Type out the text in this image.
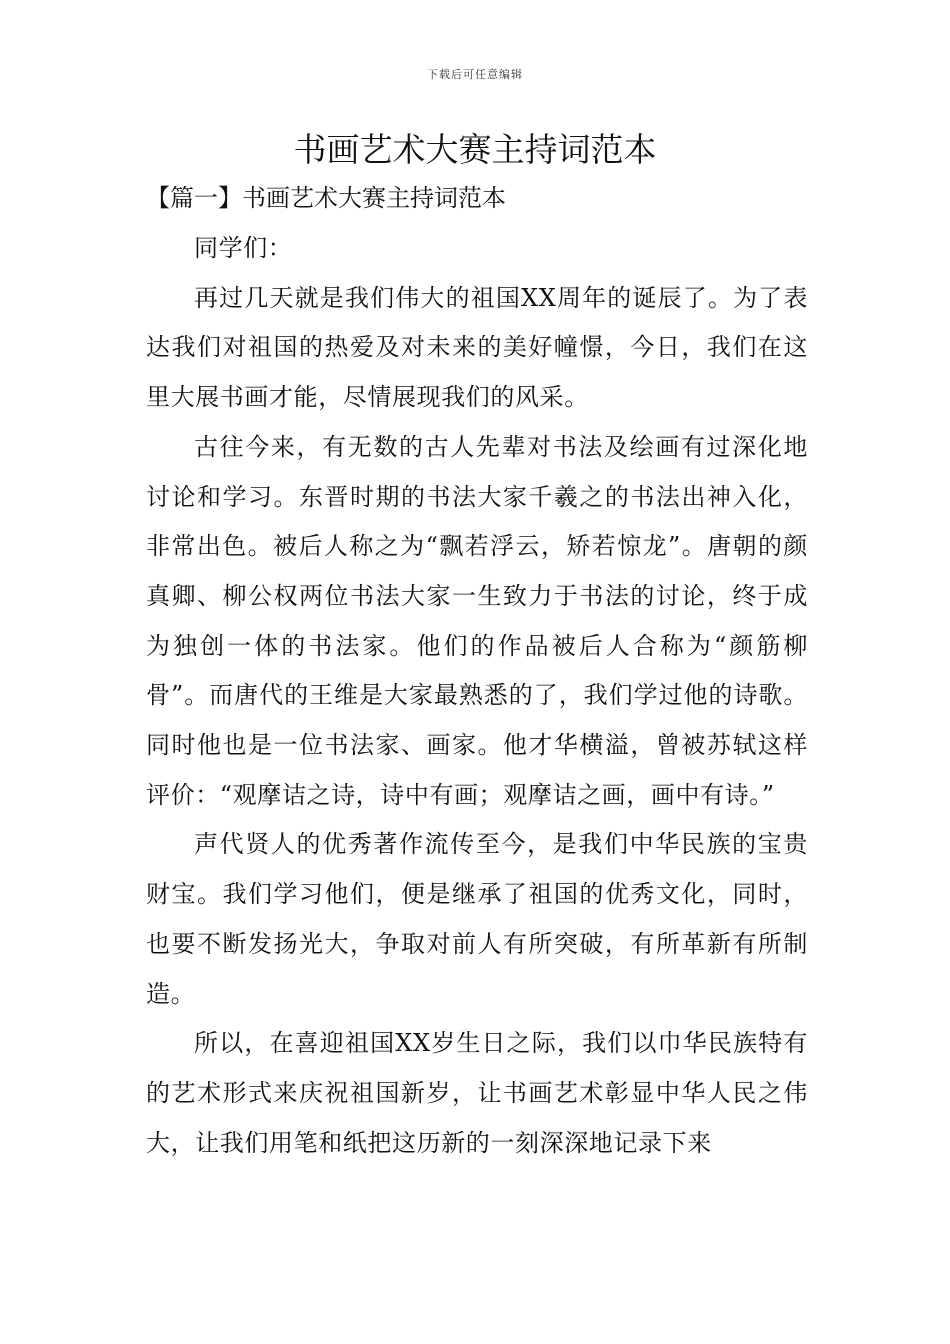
下载后可任意编辑
书画艺术大赛主持词范本
【篇一】书画艺术大赛主持词范本

同学们：

再过几天就是我们伟大的祖国XX周年的诞辰了。为了表达我们对祖国的热爱及对未来的美好幢憬，今日，我们在这里大展书画才能，尽情展现我们的风采。

古往今来，有无数的古人先辈对书法及绘画有过深化地讨论和学习。东晋时期的书法大家千羲之的书法出神入化，非常出色。被后人称之为“飘若浮云，矫若惊龙”。唐朝的颜真卿、柳公权两位书法大家一生致力于书法的讨论，终于成为独创一体的书法家。他们的作品被后人合称为“颜筋柳骨”。而唐代的王维是大家最熟悉的了，我们学过他的诗歌。同时他也是一位书法家、画家。他才华横溢，曾被苏轼这样评价：“观摩诘之诗，诗中有画；观摩诘之画，画中有诗。”

声代贤人的优秀著作流传至今，是我们中华民族的宝贵财宝。我们学习他们，便是继承了祖国的优秀文化，同时，也要不断发扬光大，争取对前人有所突破，有所革新有所制造。

所以，在喜迎祖国XX岁生日之际，我们以巾华民族特有的艺术形式来庆祝祖国新岁，让书画艺术彰显中华人民之伟大，让我们用笔和纸把这历新的一刻深深地记录下来
